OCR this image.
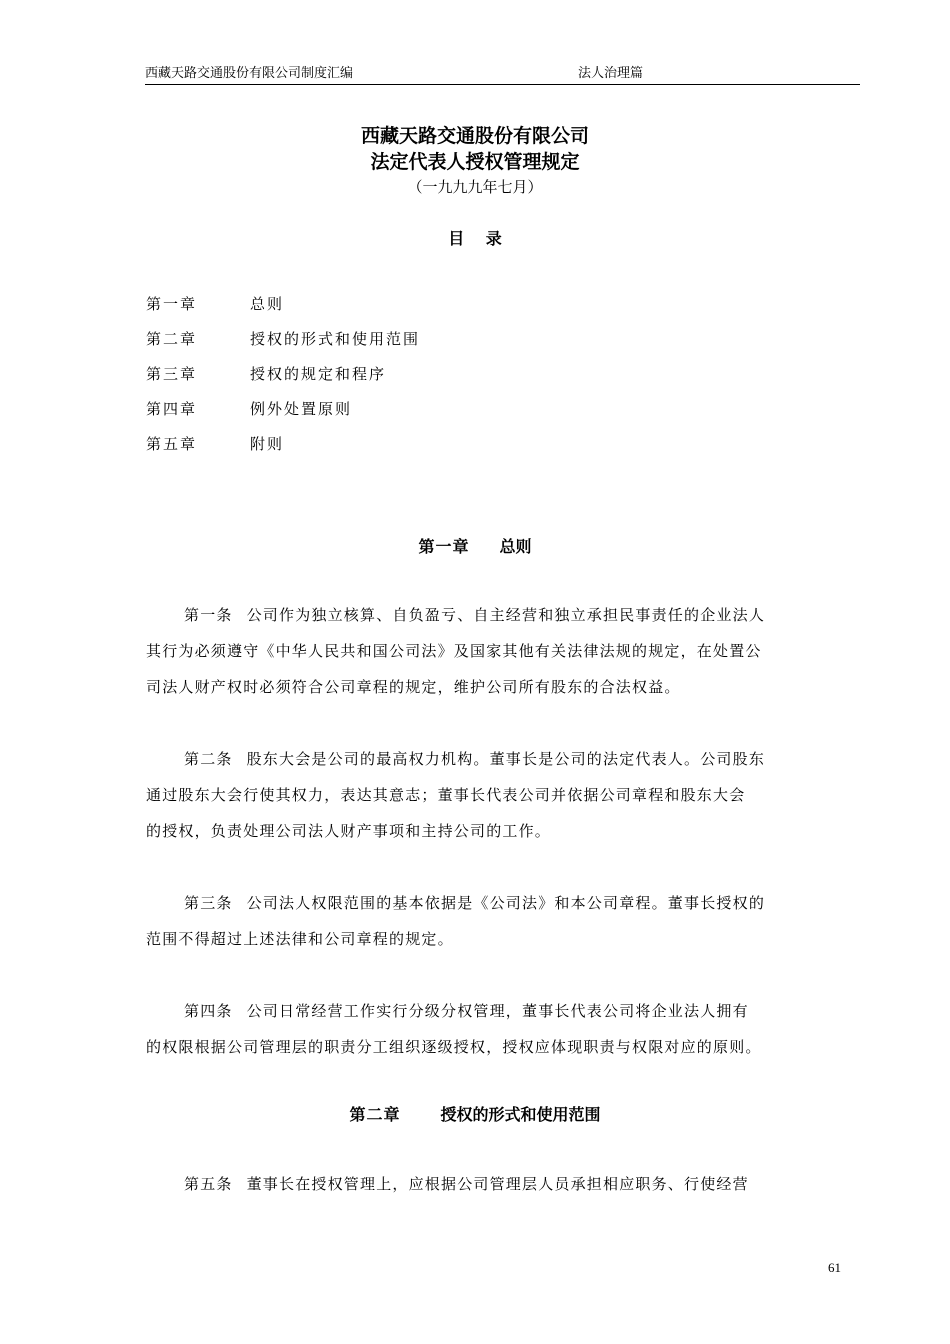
西藏天路交通股份有限公司制度汇编	法人治理篇
西藏天路交通股份有限公司
法定代表人授权管理规定
（一九九九年七月）
目　 录
第一章	总则
第二章	授权的形式和使用范围
第三章	授权的规定和程序
第四章	例外处置原则
第五章	附则
第一章 总则
第一条 公司作为独立核算、自负盈亏、自主经营和独立承担民事责任的企业法人
其行为必须遵守《中华人民共和国公司法》及国家其他有关法律法规的规定，在处置公
司法人财产权时必须符合公司章程的规定，维护公司所有股东的合法权益。
第二条 股东大会是公司的最高权力机构。董事长是公司的法定代表人。公司股东
通过股东大会行使其权力，表达其意志；董事长代表公司并依据公司章程和股东大会
的授权，负责处理公司法人财产事项和主持公司的工作。
第三条 公司法人权限范围的基本依据是《公司法》和本公司章程。董事长授权的
范围不得超过上述法律和公司章程的规定。
第四条 公司日常经营工作实行分级分权管理，董事长代表公司将企业法人拥有
的权限根据公司管理层的职责分工组织逐级授权，授权应体现职责与权限对应的原则。
第二章	授权的形式和使用范围
第五条 董事长在授权管理上，应根据公司管理层人员承担相应职务、行使经营
61
